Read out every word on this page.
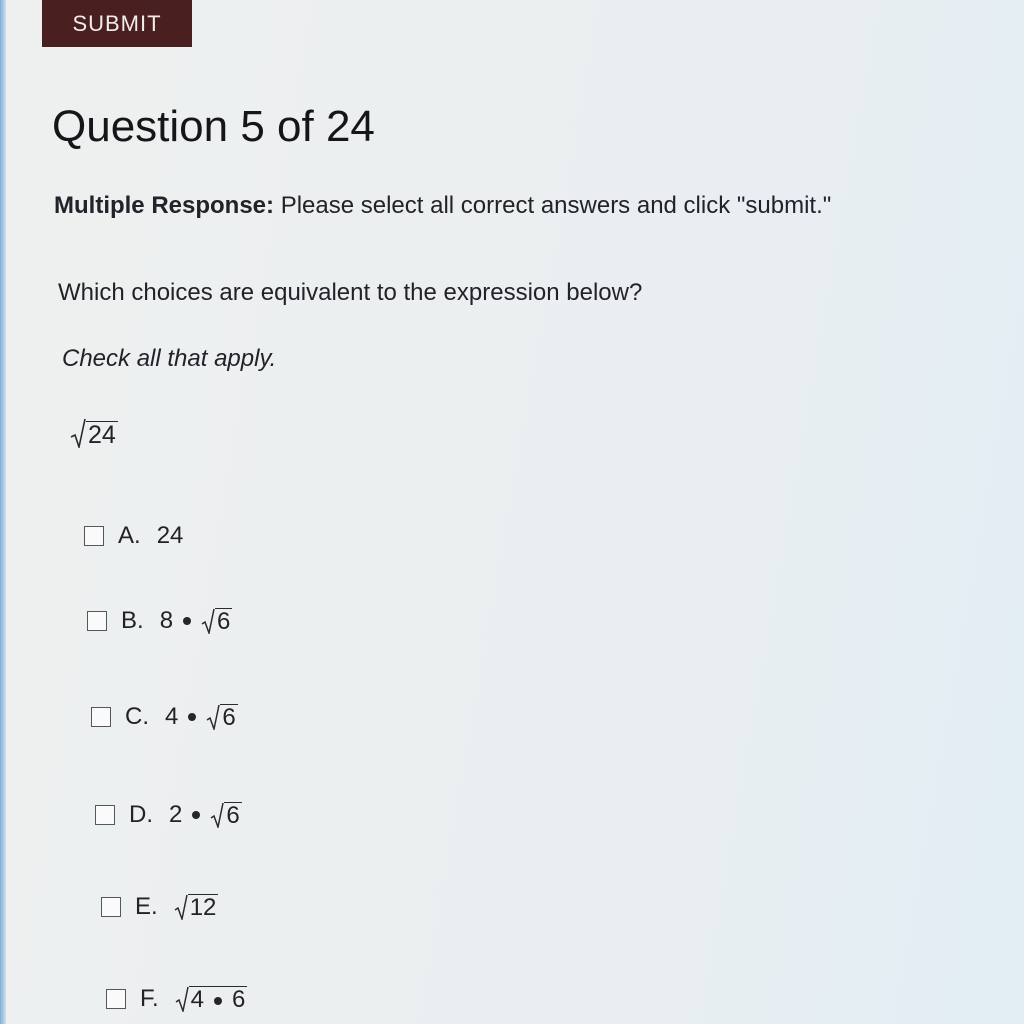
SUBMIT
Question 5 of 24
Multiple Response: Please select all correct answers and click "submit."
Which choices are equivalent to the expression below?
Check all that apply.
24
A. 24
B. 8 6
C. 4 6
D. 2 6
E. 12
F. 4 6
